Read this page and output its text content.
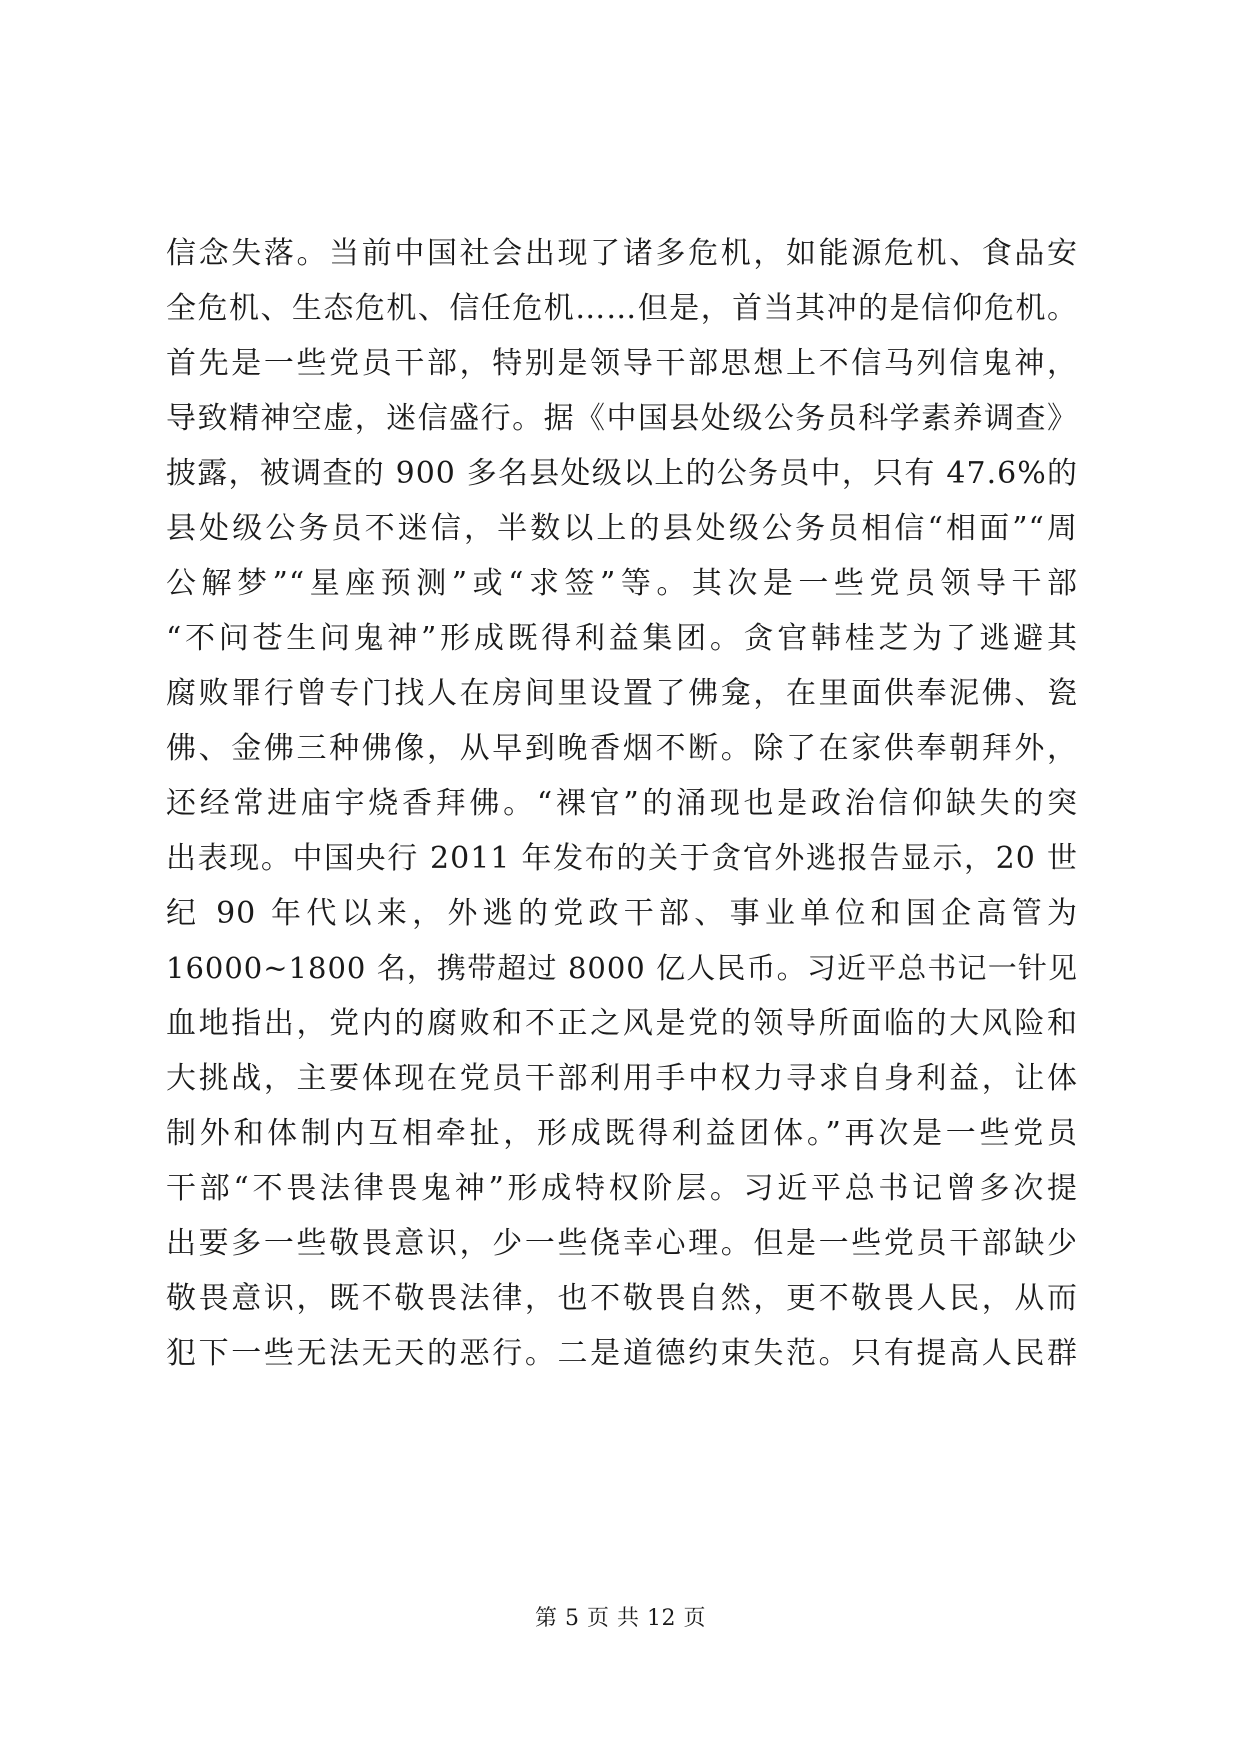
信念失落。当前中国社会出现了诸多危机，如能源危机、食品安
全危机、生态危机、信任危机……但是，首当其冲的是信仰危机。
首先是一些党员干部，特别是领导干部思想上不信马列信鬼神，
导致精神空虚，迷信盛行。据《中国县处级公务员科学素养调查》
披露，被调查的 900 多名县处级以上的公务员中，只有 47.6%的
县处级公务员不迷信，半数以上的县处级公务员相信“相面”“周
公解梦”“星座预测”或“求签”等。其次是一些党员领导干部
“不问苍生问鬼神”形成既得利益集团。贪官韩桂芝为了逃避其
腐败罪行曾专门找人在房间里设置了佛龛，在里面供奉泥佛、瓷
佛、金佛三种佛像，从早到晚香烟不断。除了在家供奉朝拜外，
还经常进庙宇烧香拜佛。“裸官”的涌现也是政治信仰缺失的突
出表现。中国央行 2011 年发布的关于贪官外逃报告显示，20 世
纪 90 年代以来，外逃的党政干部、事业单位和国企高管为
16000~1800 名，携带超过 8000 亿人民币。习近平总书记一针见
血地指出，党内的腐败和不正之风是党的领导所面临的大风险和
大挑战，主要体现在党员干部利用手中权力寻求自身利益，让体
制外和体制内互相牵扯，形成既得利益团体。”再次是一些党员
干部“不畏法律畏鬼神”形成特权阶层。习近平总书记曾多次提
出要多一些敬畏意识，少一些侥幸心理。但是一些党员干部缺少
敬畏意识，既不敬畏法律，也不敬畏自然，更不敬畏人民，从而
犯下一些无法无天的恶行。二是道德约束失范。只有提高人民群
第 5 页 共 12 页
